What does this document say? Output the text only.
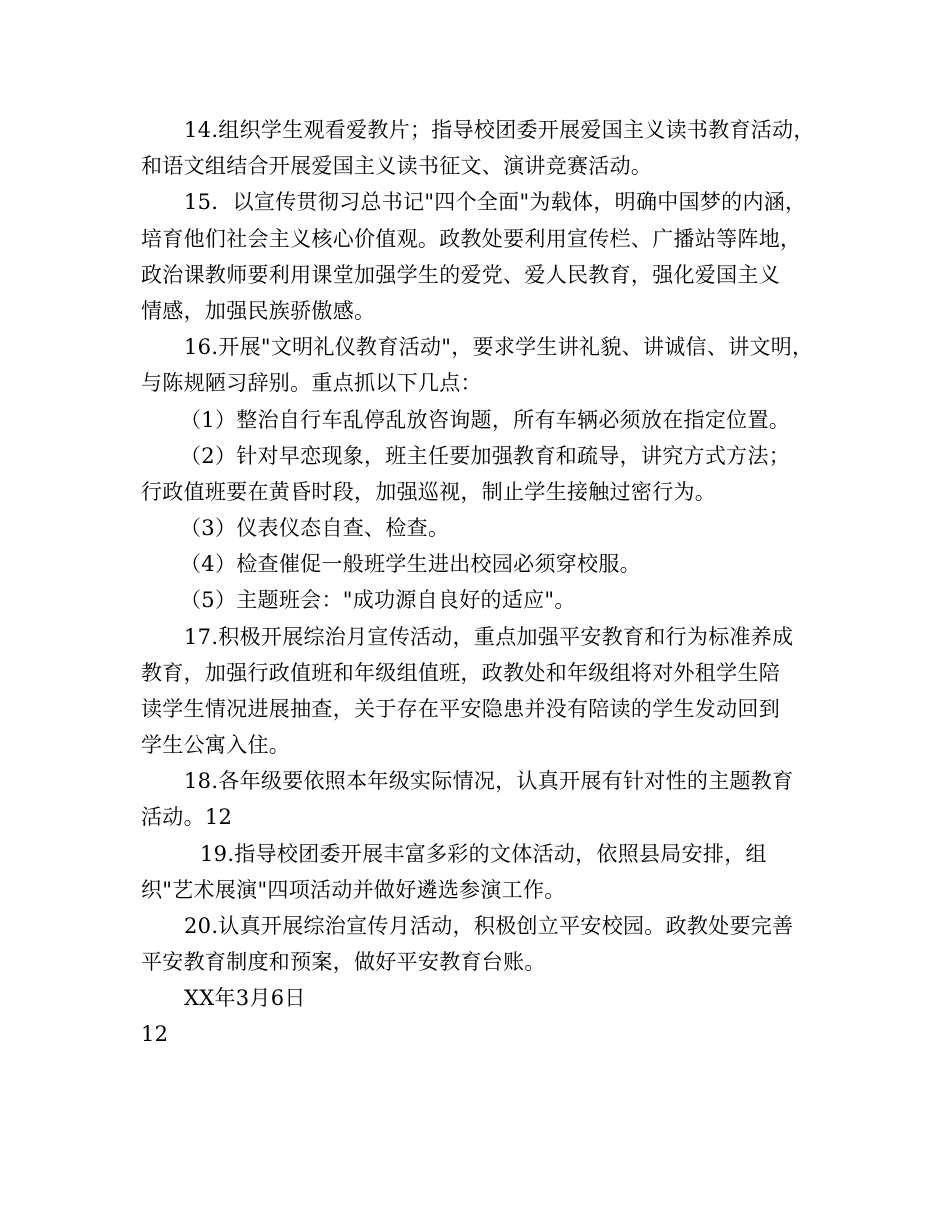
14.组织学生观看爱教片；指导校团委开展爱国主义读书教育活动，
和语文组结合开展爱国主义读书征文、演讲竞赛活动。
15．以宣传贯彻习总书记"四个全面"为载体，明确中国梦的内涵，
培育他们社会主义核心价值观。政教处要利用宣传栏、广播站等阵地，
政治课教师要利用课堂加强学生的爱党、爱人民教育，强化爱国主义
情感，加强民族骄傲感。
16.开展"文明礼仪教育活动"，要求学生讲礼貌、讲诚信、讲文明，
与陈规陋习辞别。重点抓以下几点：
（1）整治自行车乱停乱放咨询题，所有车辆必须放在指定位置。
（2）针对早恋现象，班主任要加强教育和疏导，讲究方式方法；
行政值班要在黄昏时段，加强巡视，制止学生接触过密行为。
（3）仪表仪态自查、检查。
（4）检查催促一般班学生进出校园必须穿校服。
（5）主题班会："成功源自良好的适应"。
17.积极开展综治月宣传活动，重点加强平安教育和行为标准养成
教育，加强行政值班和年级组值班，政教处和年级组将对外租学生陪
读学生情况进展抽查，关于存在平安隐患并没有陪读的学生发动回到
学生公寓入住。
18.各年级要依照本年级实际情况，认真开展有针对性的主题教育
活动。12
19.指导校团委开展丰富多彩的文体活动，依照县局安排，组
织"艺术展演"四项活动并做好遴选参演工作。
20.认真开展综治宣传月活动，积极创立平安校园。政教处要完善
平安教育制度和预案，做好平安教育台账。
XX年3月6日
12
